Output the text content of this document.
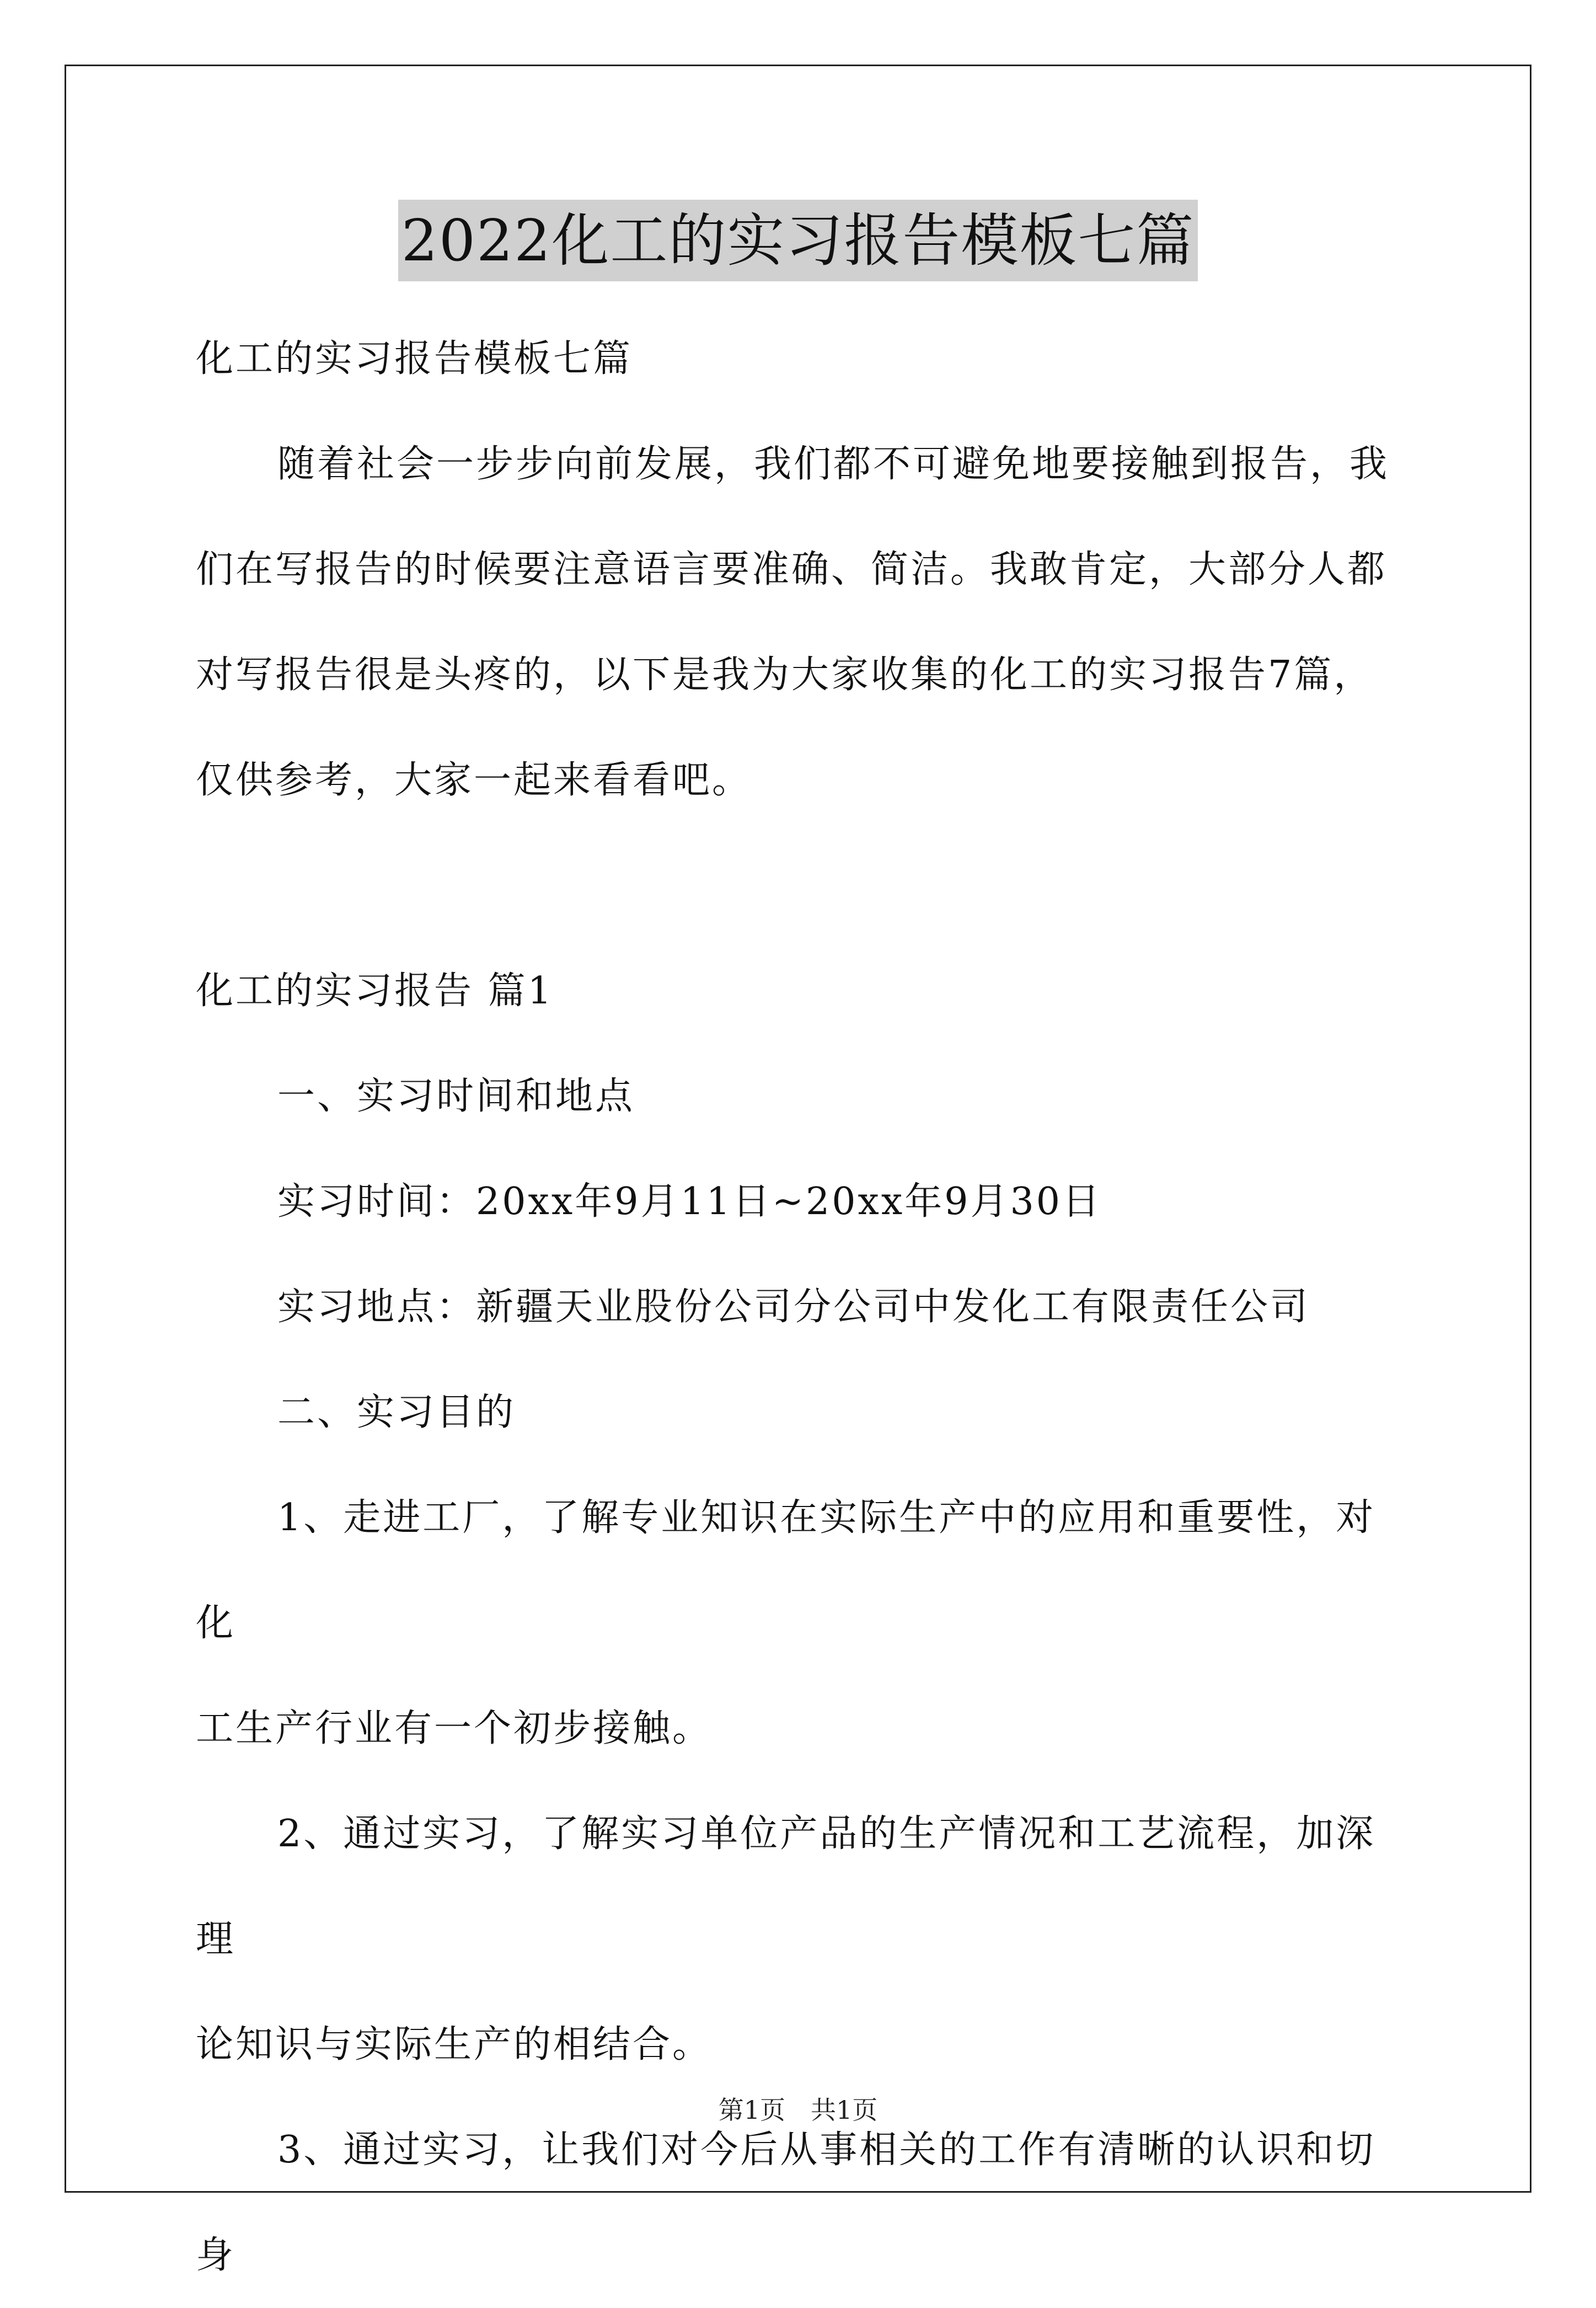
2022化工的实习报告模板七篇

化工的实习报告模板七篇

随着社会一步步向前发展，我们都不可避免地要接触到报告，我

们在写报告的时候要注意语言要准确、简洁。我敢肯定，大部分人都

对写报告很是头疼的，以下是我为大家收集的化工的实习报告7篇，

仅供参考，大家一起来看看吧。

化工的实习报告 篇1

一、实习时间和地点

实习时间：20xx年9月11日~20xx年9月30日

实习地点：新疆天业股份公司分公司中发化工有限责任公司

二、实习目的

1、走进工厂，了解专业知识在实际生产中的应用和重要性，对化

工生产行业有一个初步接触。

2、通过实习，了解实习单位产品的生产情况和工艺流程，加深理

论知识与实际生产的相结合。

3、通过实习，让我们对今后从事相关的工作有清晰的认识和切身

第1页　共1页
